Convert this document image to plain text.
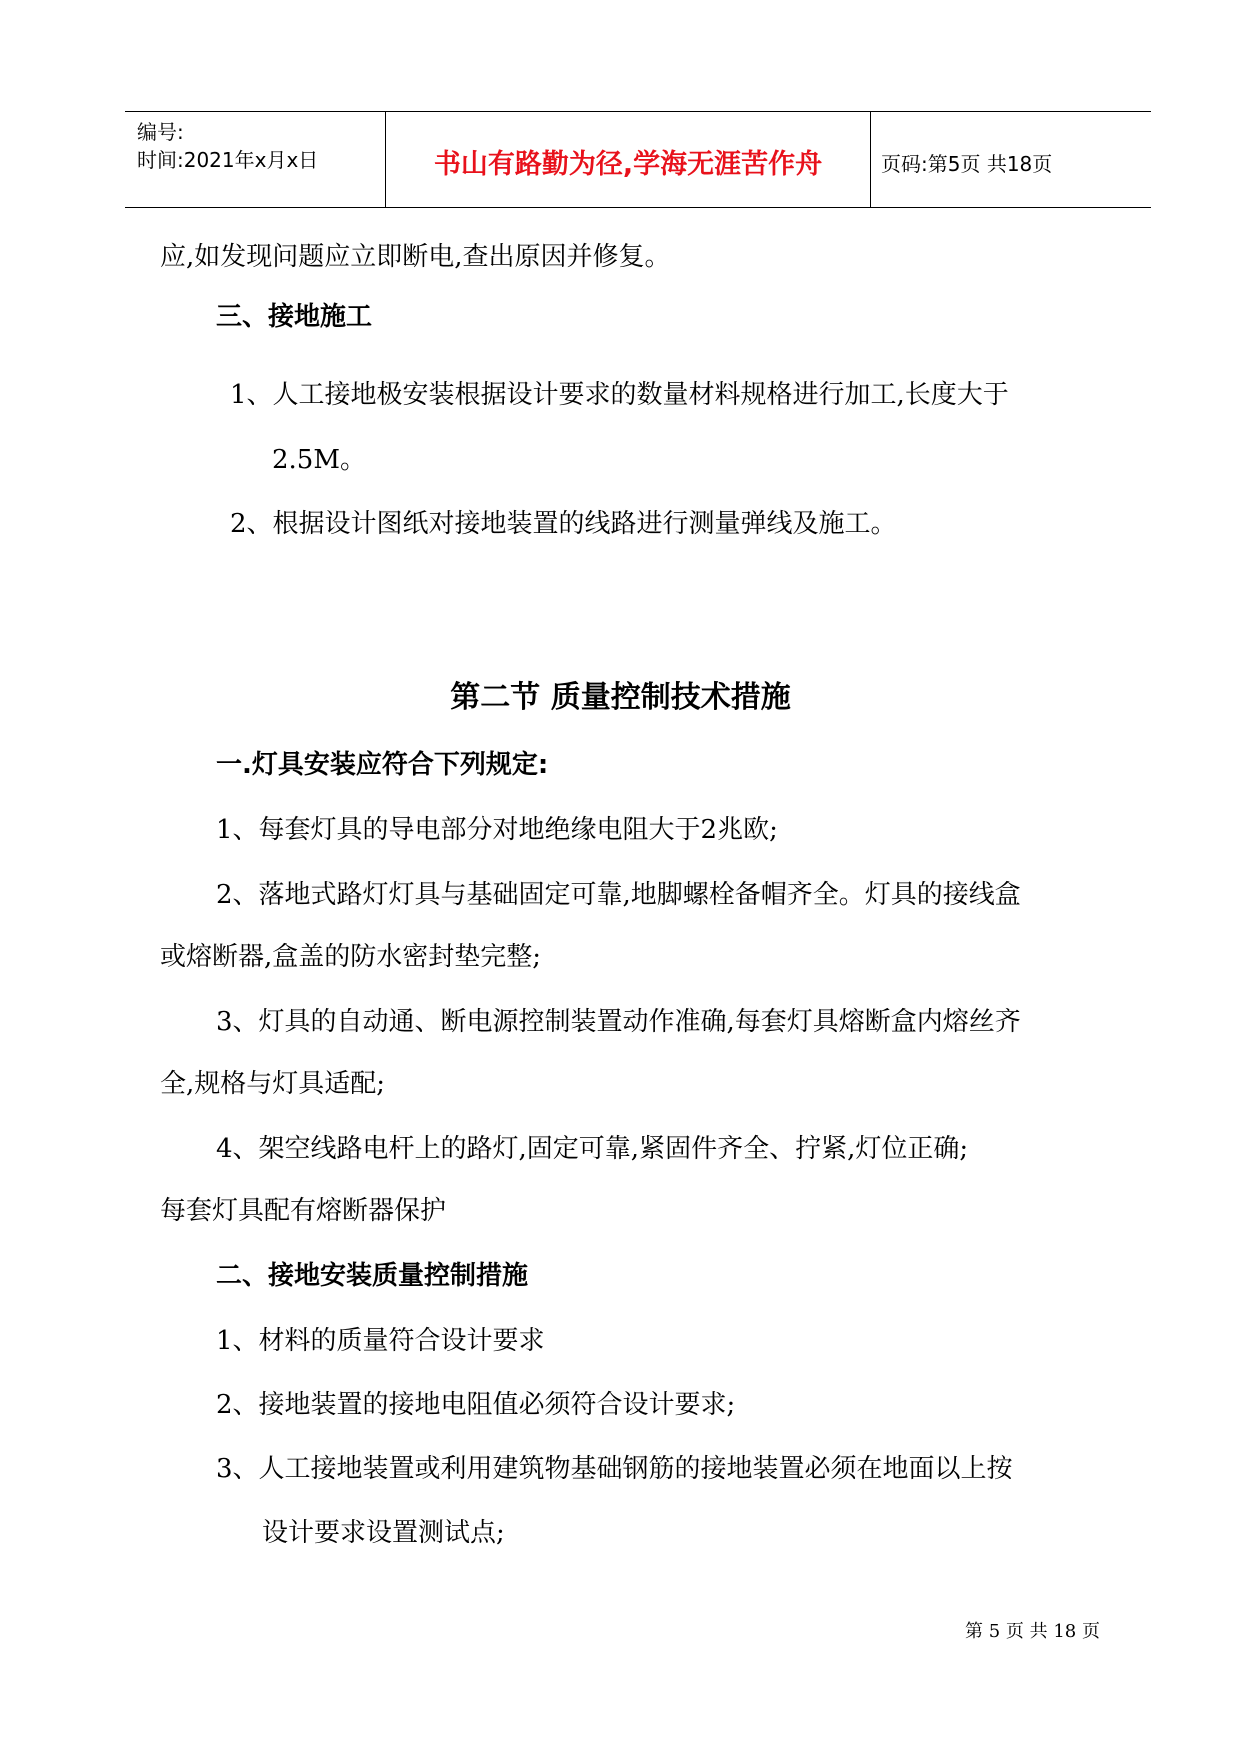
编号:
时间:2021年x月x日	书山有路勤为径,学海无涯苦作舟	页码:第5页 共18页
应,如发现问题应立即断电,查出原因并修复。
三、接地施工
1、人工接地极安装根据设计要求的数量材料规格进行加工,长度大于
2.5M。
2、根据设计图纸对接地装置的线路进行测量弹线及施工。
第二节 质量控制技术措施
一.灯具安装应符合下列规定:
1、每套灯具的导电部分对地绝缘电阻大于2兆欧;
2、落地式路灯灯具与基础固定可靠,地脚螺栓备帽齐全。灯具的接线盒
或熔断器,盒盖的防水密封垫完整;
3、灯具的自动通、断电源控制装置动作准确,每套灯具熔断盒内熔丝齐
全,规格与灯具适配;
4、架空线路电杆上的路灯,固定可靠,紧固件齐全、拧紧,灯位正确;
每套灯具配有熔断器保护
二、接地安装质量控制措施
1、材料的质量符合设计要求
2、接地装置的接地电阻值必须符合设计要求;
3、人工接地装置或利用建筑物基础钢筋的接地装置必须在地面以上按
设计要求设置测试点;
第 5 页 共 18 页
